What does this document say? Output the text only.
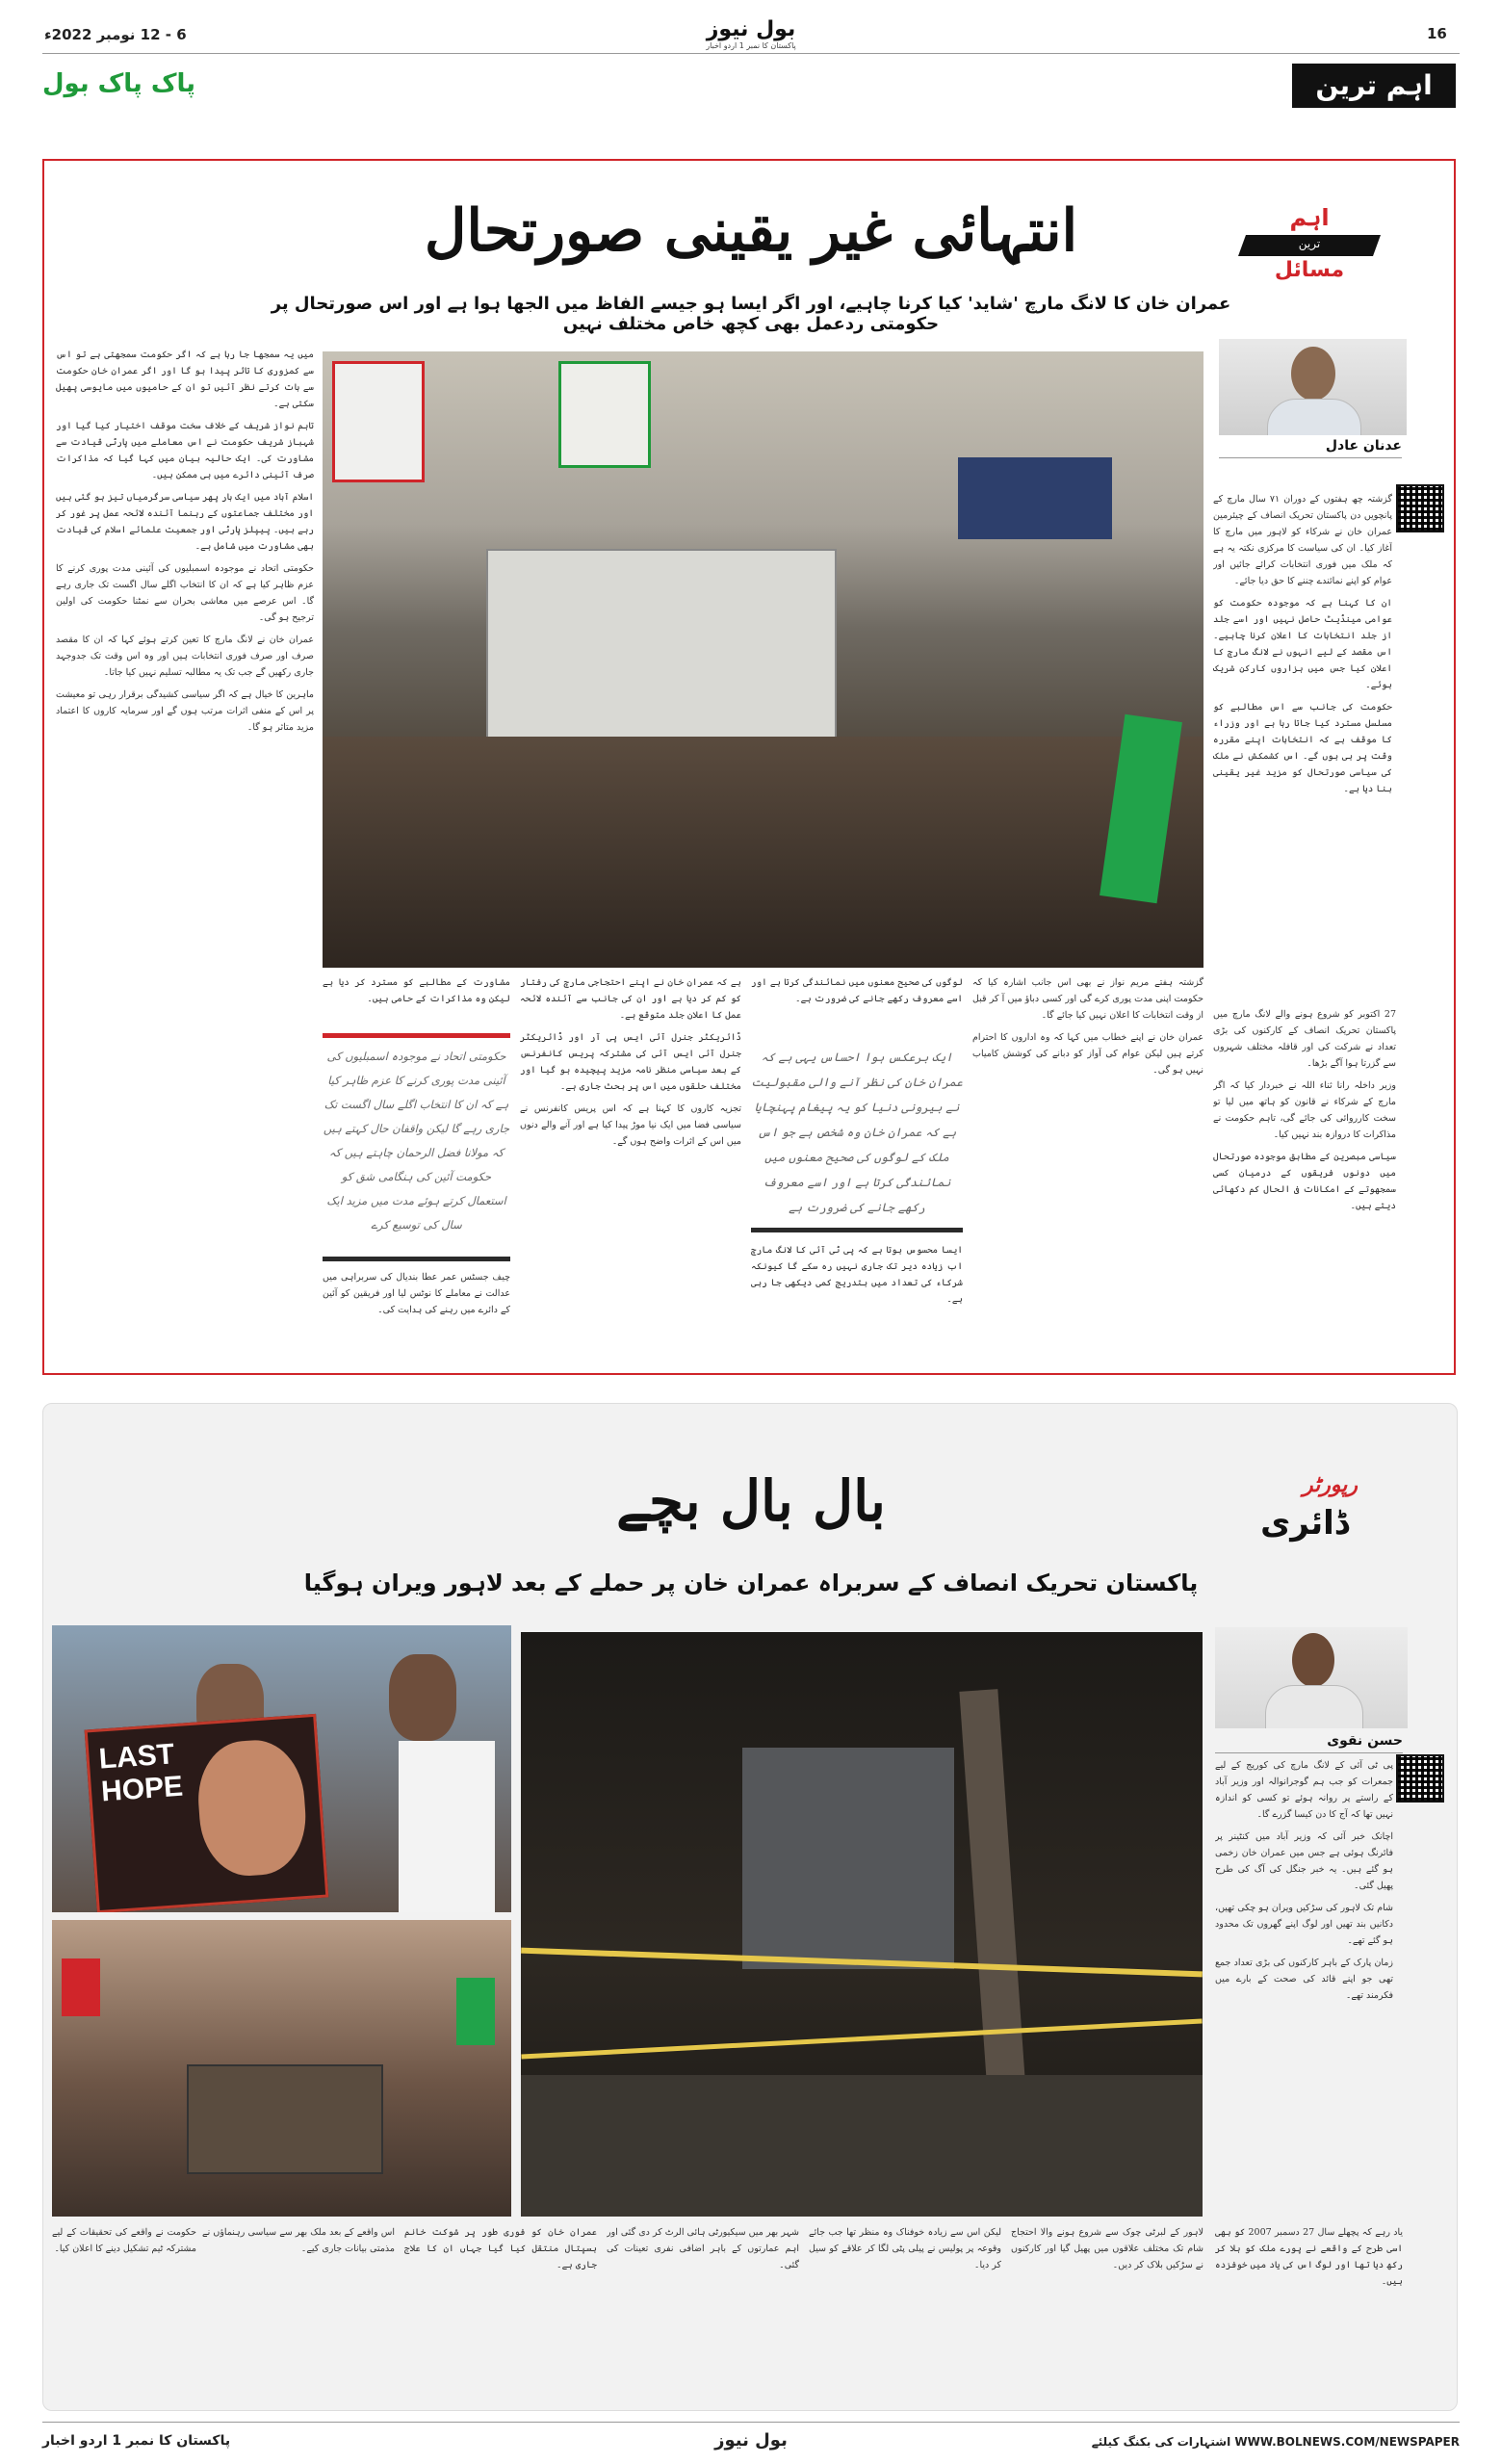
6 - 12 نومبر 2022ء	بول نیوز
پاکستان کا نمبر 1 اردو اخبار
16
پاک پاک بول	اہم ترین
اہم
ترین
مسائل
انتہائی غیر یقینی صورتحال
عمران خان کا لانگ مارچ 'شاید' کیا کرنا چاہیے، اور اگر ایسا ہو جیسے الفاظ میں الجھا ہوا ہے اور اس صورتحال پر حکومتی ردعمل بھی کچھ خاص مختلف نہیں
عدنان عادل

گزشتہ چھ ہفتوں کے دوران ۷۱ سال مارچ کے پانچویں دن پاکستان تحریک انصاف کے چیئرمین عمران خان نے شرکاء کو لاہور میں مارچ کا آغاز کیا۔ ان کی سیاست کا مرکزی نکتہ یہ ہے کہ ملک میں فوری انتخابات کرائے جائیں اور عوام کو اپنے نمائندے چننے کا حق دیا جائے۔

ان کا کہنا ہے کہ موجودہ حکومت کو عوامی مینڈیٹ حاصل نہیں اور اسے جلد از جلد انتخابات کا اعلان کرنا چاہیے۔ اس مقصد کے لیے انہوں نے لانگ مارچ کا اعلان کیا جس میں ہزاروں کارکن شریک ہوئے۔

حکومت کی جانب سے اس مطالبے کو مسلسل مسترد کیا جاتا رہا ہے اور وزراء کا موقف ہے کہ انتخابات اپنے مقررہ وقت پر ہی ہوں گے۔ اس کشمکش نے ملک کی سیاسی صورتحال کو مزید غیر یقینی بنا دیا ہے۔

27 اکتوبر کو شروع ہونے والے لانگ مارچ میں پاکستان تحریک انصاف کے کارکنوں کی بڑی تعداد نے شرکت کی اور قافلہ مختلف شہروں سے گزرتا ہوا آگے بڑھا۔

وزیر داخلہ رانا ثناء اللہ نے خبردار کیا کہ اگر مارچ کے شرکاء نے قانون کو ہاتھ میں لیا تو سخت کارروائی کی جائے گی، تاہم حکومت نے مذاکرات کا دروازہ بند نہیں کیا۔

سیاسی مبصرین کے مطابق موجودہ صورتحال میں دونوں فریقوں کے درمیان کسی سمجھوتے کے امکانات فی الحال کم دکھائی دیتے ہیں۔

میں یہ سمجھا جا رہا ہے کہ اگر حکومت سمجھتی ہے تو اس سے کمزوری کا تاثر پیدا ہو گا اور اگر عمران خان حکومت سے بات کرتے نظر آئیں تو ان کے حامیوں میں مایوسی پھیل سکتی ہے۔

تاہم نواز شریف کے خلاف سخت موقف اختیار کیا گیا اور شہباز شریف حکومت نے اس معاملے میں پارٹی قیادت سے مشاورت کی۔ ایک حالیہ بیان میں کہا گیا کہ مذاکرات صرف آئینی دائرے میں ہی ممکن ہیں۔

اسلام آباد میں ایک بار پھر سیاسی سرگرمیاں تیز ہو گئی ہیں اور مختلف جماعتوں کے رہنما آئندہ لائحہ عمل پر غور کر رہے ہیں۔ پیپلز پارٹی اور جمعیت علمائے اسلام کی قیادت بھی مشاورت میں شامل ہے۔

حکومتی اتحاد نے موجودہ اسمبلیوں کی آئینی مدت پوری کرنے کا عزم ظاہر کیا ہے کہ ان کا انتخاب اگلے سال اگست تک جاری رہے گا۔ اس عرصے میں معاشی بحران سے نمٹنا حکومت کی اولین ترجیح ہو گی۔

عمران خان نے لانگ مارچ کا تعین کرتے ہوئے کہا کہ ان کا مقصد صرف اور صرف فوری انتخابات ہیں اور وہ اس وقت تک جدوجہد جاری رکھیں گے جب تک یہ مطالبہ تسلیم نہیں کیا جاتا۔

ماہرین کا خیال ہے کہ اگر سیاسی کشیدگی برقرار رہی تو معیشت پر اس کے منفی اثرات مرتب ہوں گے اور سرمایہ کاروں کا اعتماد مزید متاثر ہو گا۔

گزشتہ ہفتے مریم نواز نے بھی اس جانب اشارہ کیا کہ حکومت اپنی مدت پوری کرے گی اور کسی دباؤ میں آ کر قبل از وقت انتخابات کا اعلان نہیں کیا جائے گا۔

عمران خان نے اپنے خطاب میں کہا کہ وہ اداروں کا احترام کرتے ہیں لیکن عوام کی آواز کو دبانے کی کوشش کامیاب نہیں ہو گی۔

ایک برعکس ہوا احساس یہی ہے کہ عمران خان کی نظر آنے والی مقبولیت نے بیرونی دنیا کو یہ پیغام پہنچایا ہے کہ عمران خان وہ شخص ہے جو اس ملک کے لوگوں کی صحیح معنوں میں نمائندگی کرتا ہے اور اسے معروف رکھے جانے کی ضرورت ہے

لوگوں کی صحیح معنوں میں نمائندگی کرتا ہے اور اسے معروف رکھے جانے کی ضرورت ہے۔

ایسا محسوس ہوتا ہے کہ پی ٹی آئی کا لانگ مارچ اب زیادہ دیر تک جاری نہیں رہ سکے گا کیونکہ شرکاء کی تعداد میں بتدریج کمی دیکھی جا رہی ہے۔

ہے کہ عمران خان نے اپنے احتجاجی مارچ کی رفتار کو کم کر دیا ہے اور ان کی جانب سے آئندہ لائحہ عمل کا اعلان جلد متوقع ہے۔

ڈائریکٹر جنرل آئی ایس پی آر اور ڈائریکٹر جنرل آئی ایس آئی کی مشترکہ پریس کانفرنس کے بعد سیاسی منظر نامہ مزید پیچیدہ ہو گیا اور مختلف حلقوں میں اس پر بحث جاری ہے۔

تجزیہ کاروں کا کہنا ہے کہ اس پریس کانفرنس نے سیاسی فضا میں ایک نیا موڑ پیدا کیا ہے اور آنے والے دنوں میں اس کے اثرات واضح ہوں گے۔

مشاورت کے مطالبے کو مسترد کر دیا ہے لیکن وہ مذاکرات کے حامی ہیں۔

حکومتی اتحاد نے موجودہ اسمبلیوں کی آئینی مدت پوری کرنے کا عزم ظاہر کیا ہے کہ ان کا انتخاب اگلے سال اگست تک جاری رہے گا لیکن واقفان حال کہتے ہیں کہ مولانا فضل الرحمان چاہتے ہیں کہ حکومت آئین کی ہنگامی شق کو استعمال کرتے ہوئے مدت میں مزید ایک سال کی توسیع کرے

چیف جسٹس عمر عطا بندیال کی سربراہی میں عدالت نے معاملے کا نوٹس لیا اور فریقین کو آئین کے دائرے میں رہنے کی ہدایت کی۔

رپورٹر
ڈائری
بال بال بچے
پاکستان تحریک انصاف کے سربراہ عمران خان پر حملے کے بعد لاہور ویران ہوگیا
حسن نقوی

پی ٹی آئی کے لانگ مارچ کی کوریج کے لیے جمعرات کو جب ہم گوجرانوالہ اور وزیر آباد کے راستے پر روانہ ہوئے تو کسی کو اندازہ نہیں تھا کہ آج کا دن کیسا گزرے گا۔

اچانک خبر آئی کہ وزیر آباد میں کنٹینر پر فائرنگ ہوئی ہے جس میں عمران خان زخمی ہو گئے ہیں۔ یہ خبر جنگل کی آگ کی طرح پھیل گئی۔

شام تک لاہور کی سڑکیں ویران ہو چکی تھیں، دکانیں بند تھیں اور لوگ اپنے گھروں تک محدود ہو گئے تھے۔

زمان پارک کے باہر کارکنوں کی بڑی تعداد جمع تھی جو اپنے قائد کی صحت کے بارے میں فکرمند تھے۔

LAST HOPE

یاد رہے کہ پچھلے سال 27 دسمبر 2007 کو بھی اسی طرح کے واقعے نے پورے ملک کو ہلا کر رکھ دیا تھا اور لوگ اس کی یاد میں خوفزدہ ہیں۔

لاہور کے لبرٹی چوک سے شروع ہونے والا احتجاج شام تک مختلف علاقوں میں پھیل گیا اور کارکنوں نے سڑکیں بلاک کر دیں۔

لیکن اس سے زیادہ خوفناک وہ منظر تھا جب جائے وقوعہ پر پولیس نے پیلی پٹی لگا کر علاقے کو سیل کر دیا۔

شہر بھر میں سیکیورٹی ہائی الرٹ کر دی گئی اور اہم عمارتوں کے باہر اضافی نفری تعینات کی گئی۔

عمران خان کو فوری طور پر شوکت خانم ہسپتال منتقل کیا گیا جہاں ان کا علاج جاری ہے۔

اس واقعے کے بعد ملک بھر سے سیاسی رہنماؤں نے مذمتی بیانات جاری کیے۔

حکومت نے واقعے کی تحقیقات کے لیے مشترکہ ٹیم تشکیل دینے کا اعلان کیا۔

پاکستان کا نمبر 1 اردو اخبار	بول نیوز	اشتہارات کی بکنگ کیلئے WWW.BOLNEWS.COM/NEWSPAPER
